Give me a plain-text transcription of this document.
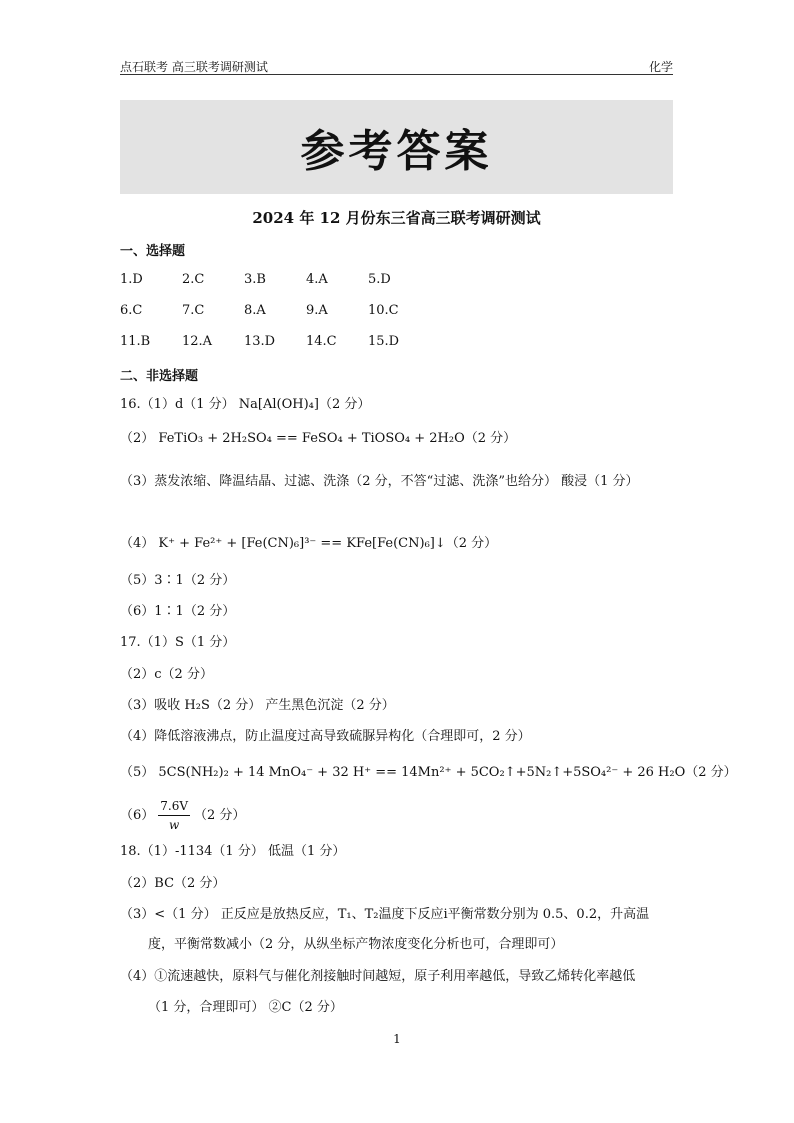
点石联考 高三联考调研测试	化学
参考答案
2024 年 12 月份东三省高三联考调研测试
一、选择题
1.D	2.C	3.B	4.A	5.D
6.C	7.C	8.A	9.A	10.C
11.B 12.A 13.D 14.C 15.D
二、非选择题
16.（1）d（1 分） Na[Al(OH)₄]（2 分）
（2） FeTiO₃ + 2H₂SO₄ == FeSO₄ + TiOSO₄ + 2H₂O（2 分）
（3）蒸发浓缩、降温结晶、过滤、洗涤（2 分，不答“过滤、洗涤”也给分） 酸浸（1 分）
（4） K⁺ + Fe²⁺ + [Fe(CN)₆]³⁻ == KFe[Fe(CN)₆]↓（2 分）
（5）3∶1（2 分）
（6）1∶1（2 分）
17.（1）S（1 分）
（2）c（2 分）
（3）吸收 H₂S（2 分） 产生黑色沉淀（2 分）
（4）降低溶液沸点，防止温度过高导致硫脲异构化（合理即可，2 分）
（5） 5CS(NH₂)₂ + 14 MnO₄⁻ + 32 H⁺ == 14Mn²⁺ + 5CO₂↑+5N₂↑+5SO₄²⁻ + 26 H₂O（2 分）
$(6) \frac{7.6V}{w} (2$ 分）
18.（1）-1134（1 分） 低温（1 分）
（2）BC（2 分）
（3）<（1 分） 正反应是放热反应，T₁、T₂温度下反应i平衡常数分别为 0.5、0.2，升高温
度，平衡常数减小（2 分，从纵坐标产物浓度变化分析也可，合理即可）
（4）①流速越快，原料气与催化剂接触时间越短，原子利用率越低，导致乙烯转化率越低
（1 分，合理即可） ②C（2 分）
1
